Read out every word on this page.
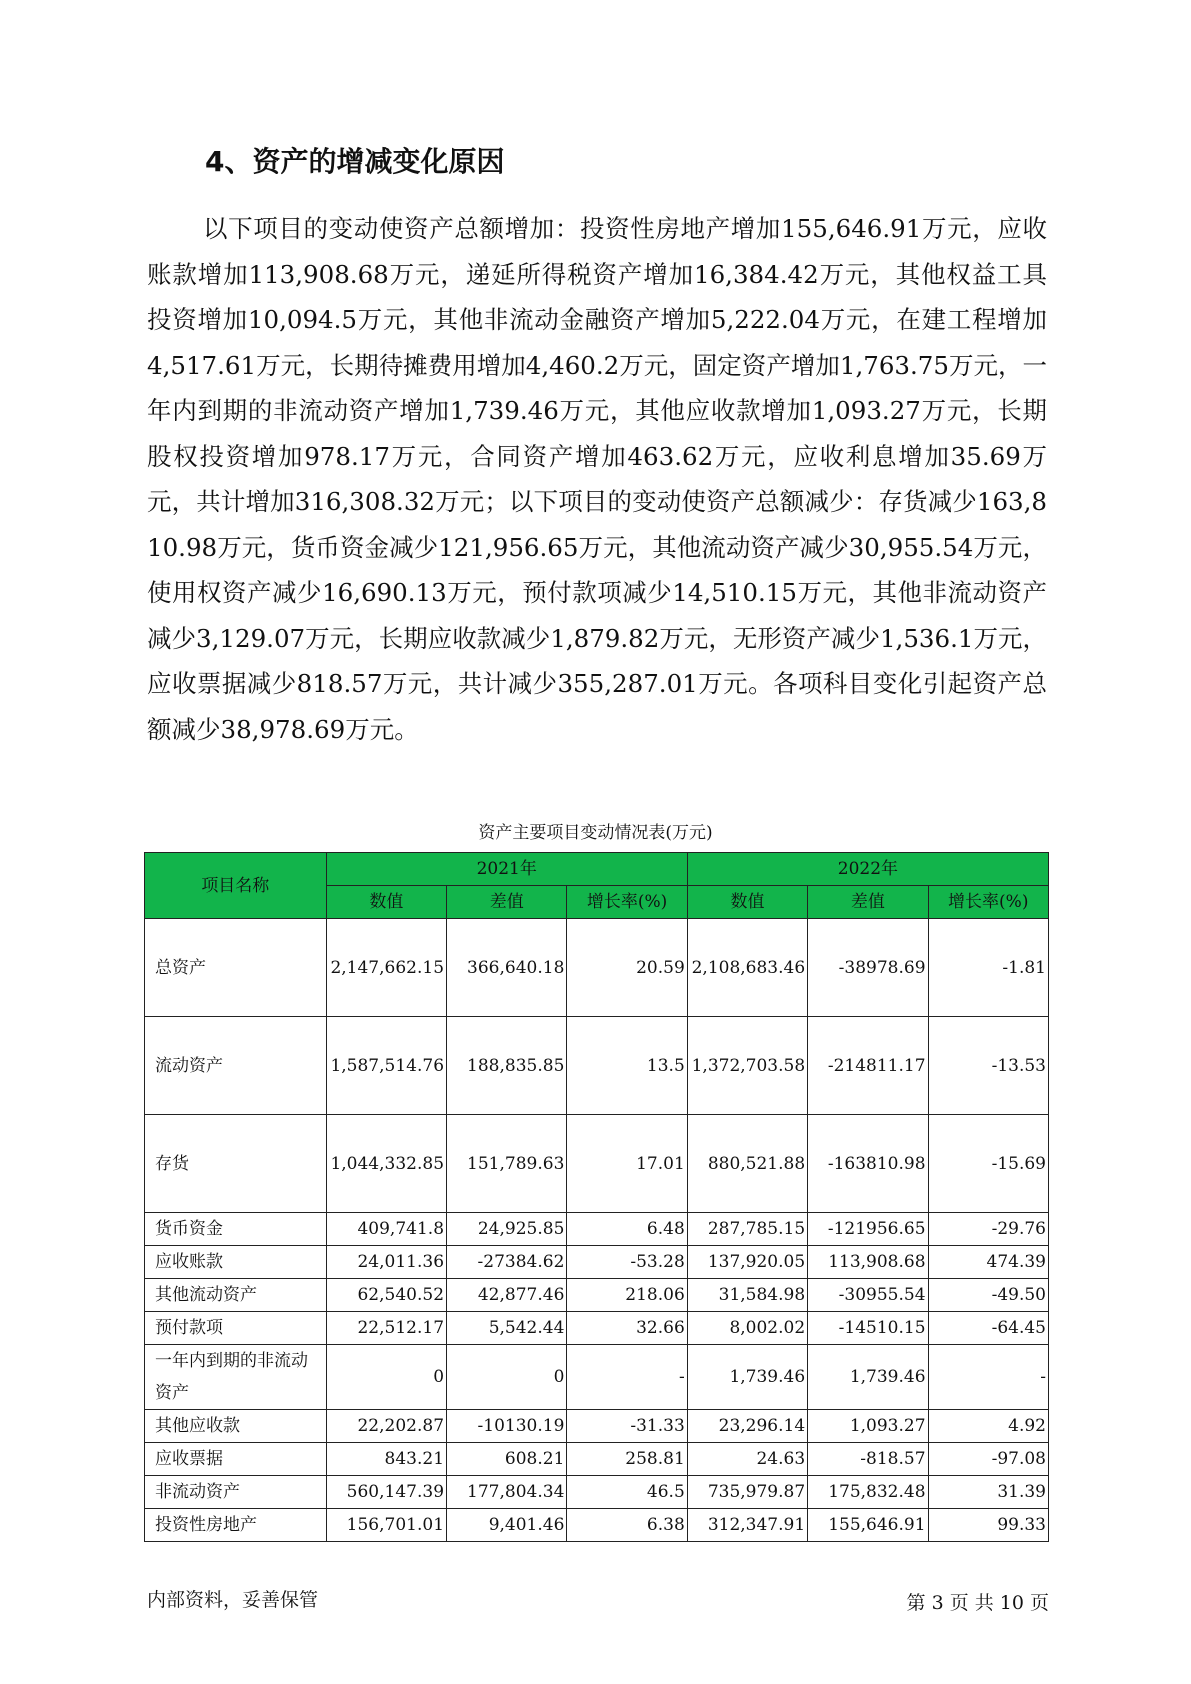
4、资产的增减变化原因

以下项目的变动使资产总额增加：投资性房地产增加155,646.91万元，应收账款增加113,908.68万元，递延所得税资产增加16,384.42万元，其他权益工具投资增加10,094.5万元，其他非流动金融资产增加5,222.04万元，在建工程增加4,517.61万元，长期待摊费用增加4,460.2万元，固定资产增加1,763.75万元，一年内到期的非流动资产增加1,739.46万元，其他应收款增加1,093.27万元，长期股权投资增加978.17万元，合同资产增加463.62万元，应收利息增加35.69万元，共计增加316,308.32万元；以下项目的变动使资产总额减少：存货减少163,810.98万元，货币资金减少121,956.65万元，其他流动资产减少30,955.54万元，使用权资产减少16,690.13万元，预付款项减少14,510.15万元，其他非流动资产减少3,129.07万元，长期应收款减少1,879.82万元，无形资产减少1,536.1万元，应收票据减少818.57万元，共计减少355,287.01万元。各项科目变化引起资产总额减少38,978.69万元。

资产主要项目变动情况表(万元)

项目名称	2021年			2022年		
	数值	差值	增长率(%)	数值	差值	增长率(%)
总资产	2,147,662.15	366,640.18	20.59	2,108,683.46	-38978.69	-1.81
流动资产	1,587,514.76	188,835.85	13.5	1,372,703.58	-214811.17	-13.53
存货	1,044,332.85	151,789.63	17.01	880,521.88	-163810.98	-15.69
货币资金	409,741.8	24,925.85	6.48	287,785.15	-121956.65	-29.76
应收账款	24,011.36	-27384.62	-53.28	137,920.05	113,908.68	474.39
其他流动资产	62,540.52	42,877.46	218.06	31,584.98	-30955.54	-49.50
预付款项	22,512.17	5,542.44	32.66	8,002.02	-14510.15	-64.45
一年内到期的非流动资产	0	0	-	1,739.46	1,739.46	-
其他应收款	22,202.87	-10130.19	-31.33	23,296.14	1,093.27	4.92
应收票据	843.21	608.21	258.81	24.63	-818.57	-97.08
非流动资产	560,147.39	177,804.34	46.5	735,979.87	175,832.48	31.39
投资性房地产	156,701.01	9,401.46	6.38	312,347.91	155,646.91	99.33
内部资料，妥善保管	第 3 页 共 10 页
